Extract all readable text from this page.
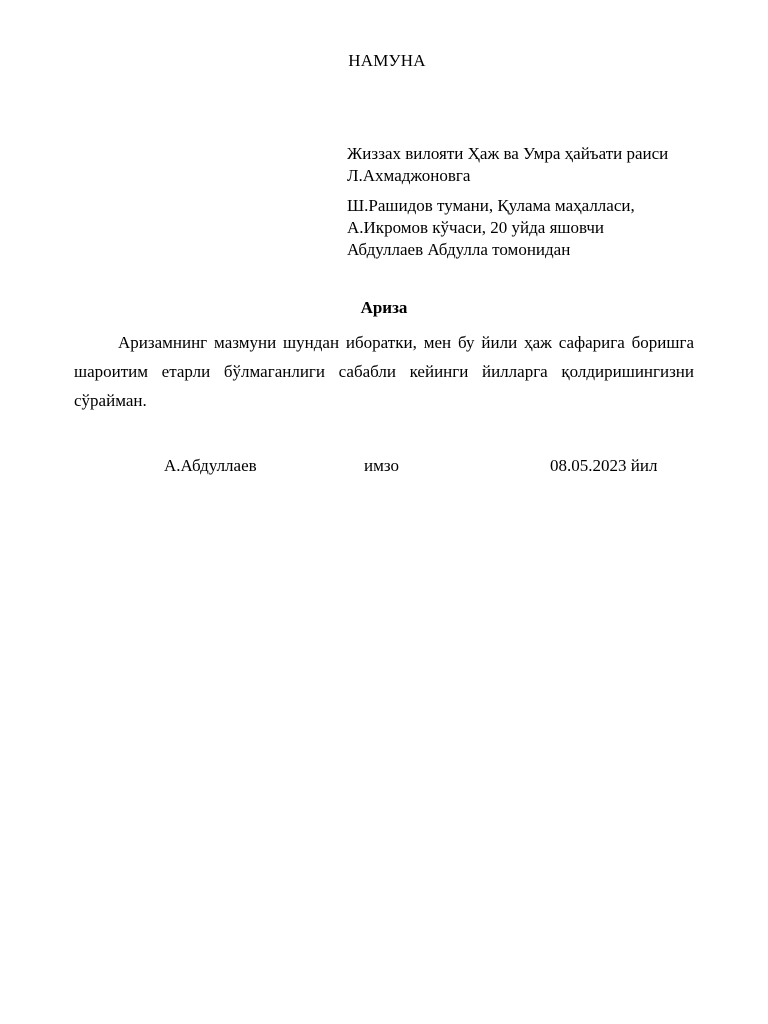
НАМУНА
Жиззах вилояти Ҳаж ва Умра ҳайъати раиси
Л.Ахмаджоновга
Ш.Рашидов тумани, Қулама маҳалласи,
А.Икромов кўчаси, 20 уйда яшовчи
Абдуллаев Абдулла томонидан
Ариза

Аризамнинг мазмуни шундан иборатки, мен бу йили ҳаж сафарига боришга шароитим етарли бўлмаганлиги сабабли кейинги йилларга қолдиришингизни сўрайман.

А.Абдуллаев	имзо	08.05.2023 йил
